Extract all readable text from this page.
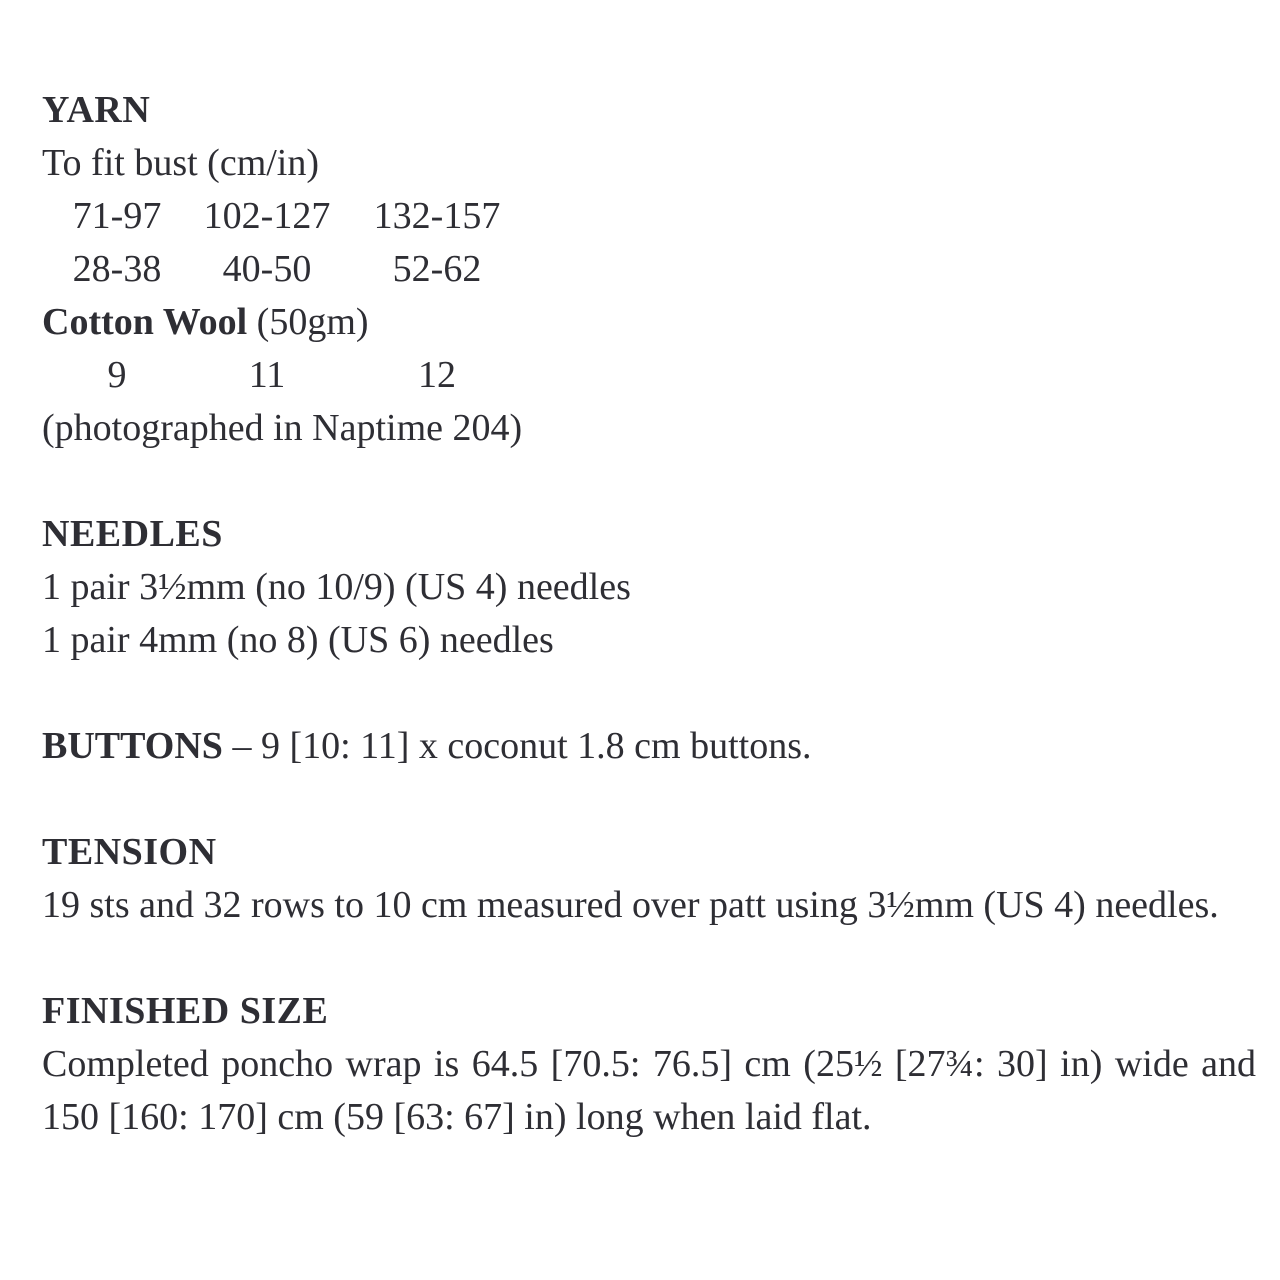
YARN

To fit bust (cm/in)

71-97	102-127	132-157
28-38	40-50	52-62

Cotton Wool (50gm)

9	11	12

(photographed in Naptime 204)

NEEDLES

1 pair 3½mm (no 10/9) (US 4) needles

1 pair 4mm (no 8) (US 6) needles

BUTTONS – 9 [10: 11] x coconut 1.8 cm buttons.

TENSION

19 sts and 32 rows to 10 cm measured over patt using 3½mm (US 4) needles.

FINISHED SIZE

Completed poncho wrap is 64.5 [70.5: 76.5] cm (25½ [27¾: 30] in) wide and 150 [160: 170] cm (59 [63: 67] in) long when laid flat.
